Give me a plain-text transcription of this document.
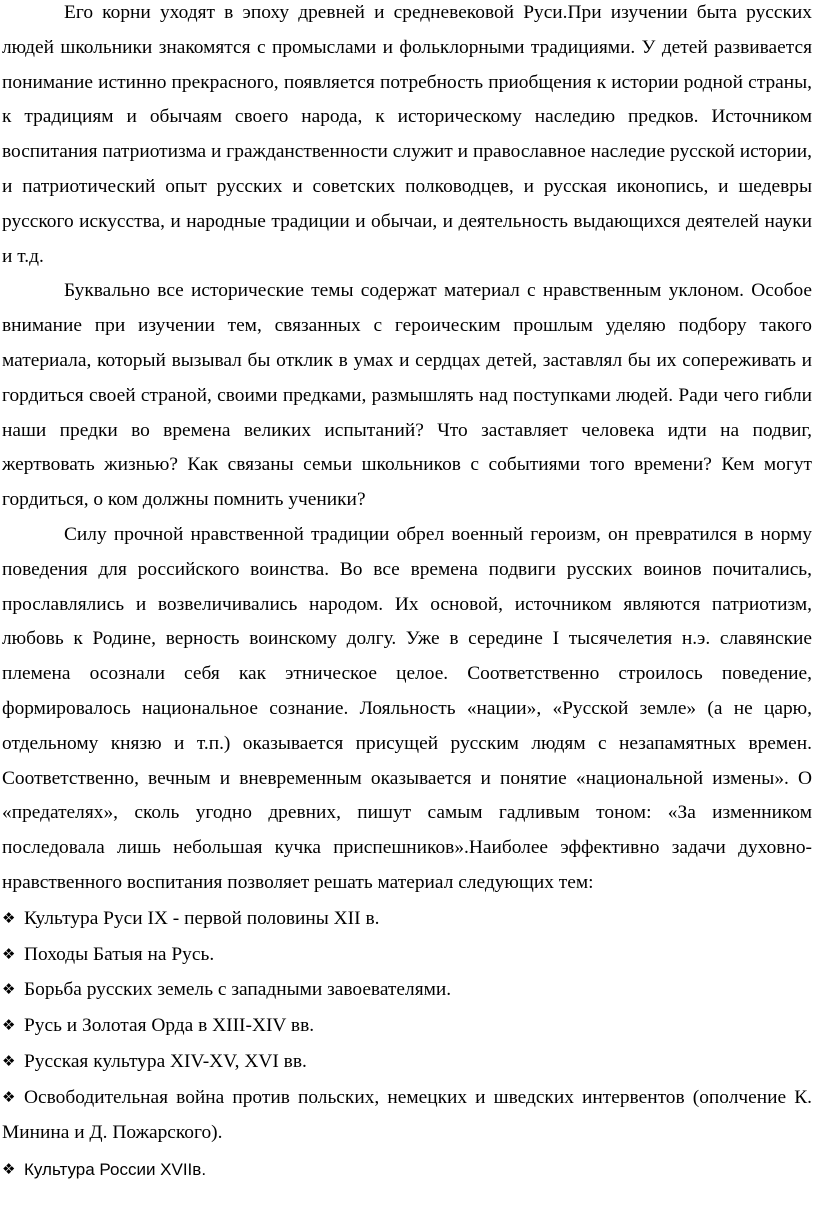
Его корни уходят в эпоху древней и средневековой Руси.При изучении быта русских людей школьники знакомятся с промыслами и фольклорными традициями. У детей развивается понимание истинно прекрасного, появляется потребность приобщения к истории родной страны, к традициям и обычаям своего народа, к историческому наследию предков. Источником воспитания патриотизма и гражданственности служит и православное наследие русской истории, и патриотический опыт русских и советских полководцев, и русская иконопись, и шедевры русского искусства, и народные традиции и обычаи, и деятельность выдающихся деятелей науки и т.д.

Буквально все исторические темы содержат материал с нравственным уклоном. Особое внимание при изучении тем, связанных с героическим прошлым уделяю подбору такого материала, который вызывал бы отклик в умах и сердцах детей, заставлял бы их сопереживать и гордиться своей страной, своими предками, размышлять над поступками людей. Ради чего гибли наши предки во времена великих испытаний? Что заставляет человека идти на подвиг, жертвовать жизнью? Как связаны семьи школьников с событиями того времени? Кем могут гордиться, о ком должны помнить ученики?

Силу прочной нравственной традиции обрел военный героизм, он превратился в норму поведения для российского воинства. Во все времена подвиги русских воинов почитались, прославлялись и возвеличивались народом. Их основой, источником являются патриотизм, любовь к Родине, верность воинскому долгу. Уже в середине I тысячелетия н.э. славянские племена осознали себя как этническое целое. Соответственно строилось поведение, формировалось национальное сознание. Лояльность «нации», «Русской земле» (а не царю, отдельному князю и т.п.) оказывается присущей русским людям с незапамятных времен. Соответственно, вечным и вневременным оказывается и понятие «национальной измены». О «предателях», сколь угодно древних, пишут самым гадливым тоном: «За изменником последовала лишь небольшая кучка приспешников».Наиболее эффективно задачи духовно-нравственного воспитания позволяет решать материал следующих тем:

❖ Культура Руси IX - первой половины XII в.
❖ Походы Батыя на Русь.
❖ Борьба русских земель с западными завоевателями.
❖ Русь и Золотая Орда в XIII-XIV вв.
❖ Русская культура XIV-XV, XVI вв.
❖ Освободительная война против польских, немецких и шведских интервентов (ополчение К. Минина и Д. Пожарского).
❖ Культура России XVIIв.
